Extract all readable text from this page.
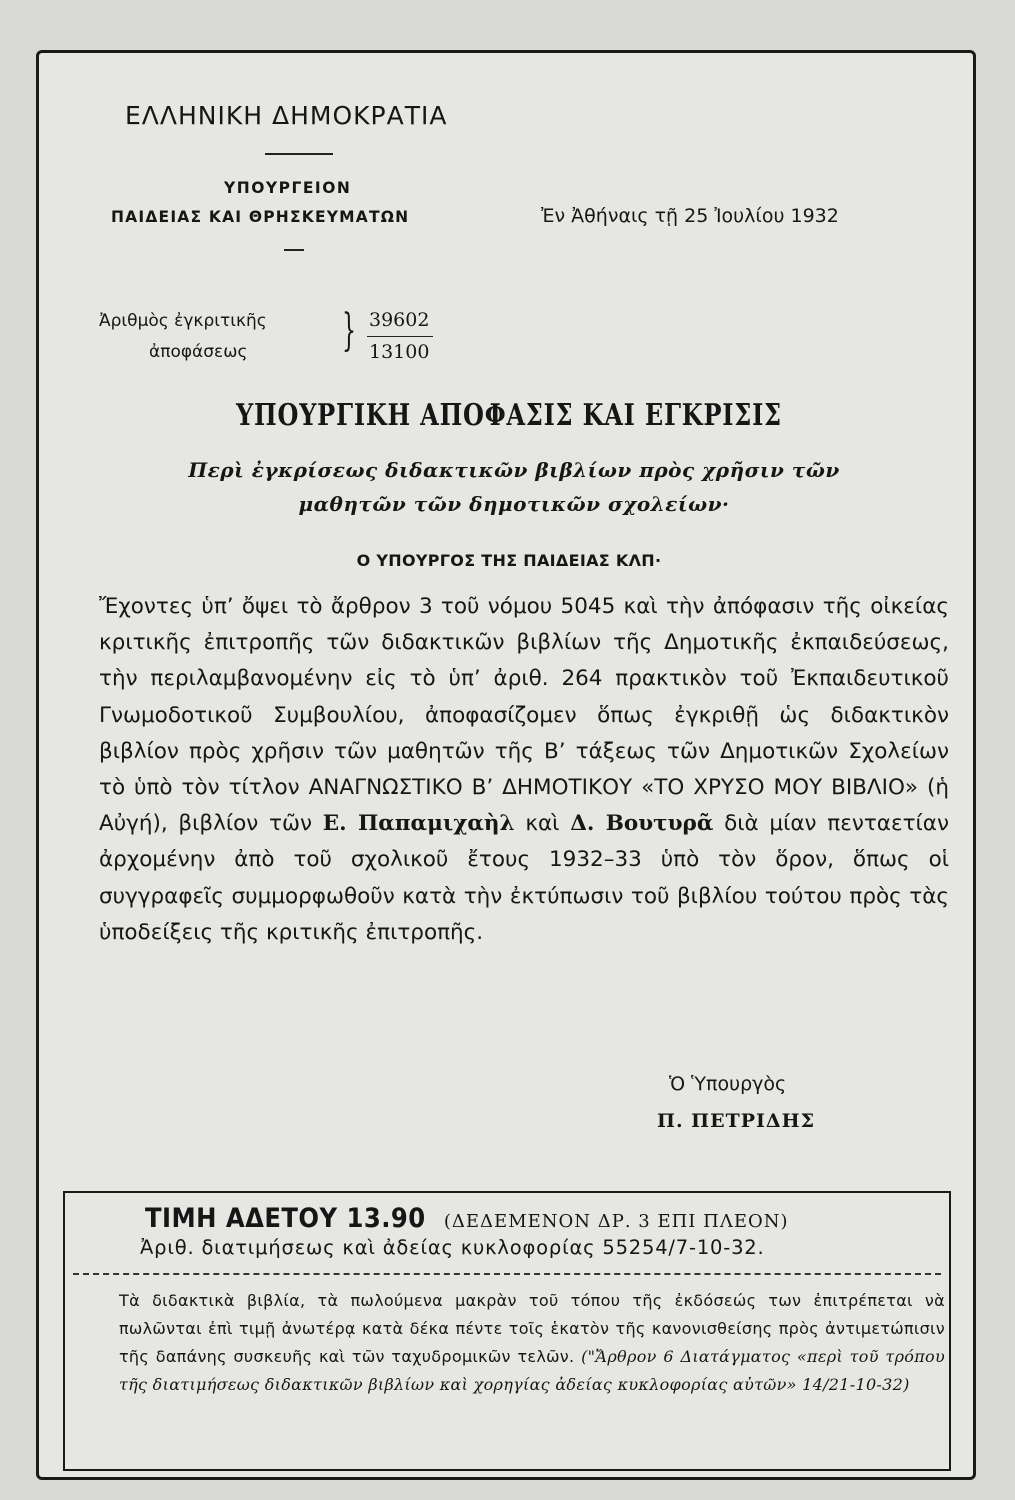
ΕΛΛΗΝΙΚΗ ΔΗΜΟΚΡΑΤΙΑ
ΥΠΟΥΡΓΕΙΟΝ
ΠΑΙΔΕΙΑΣ ΚΑΙ ΘΡΗΣΚΕΥΜΑΤΩΝ	Ἐν Ἀθήναις τῇ 25 Ἰουλίου 1932
Ἀριθμὸς ἐγκριτικῆς
ἀποφάσεως } 39602
13100
ΥΠΟΥΡΓΙΚΗ ΑΠΟΦΑΣΙΣ ΚΑΙ ΕΓΚΡΙΣΙΣ
Περὶ ἐγκρίσεως διδακτικῶν βιβλίων πρὸς χρῆσιν τῶν μαθητῶν τῶν δημοτικῶν σχολείων·
Ο ΥΠΟΥΡΓΟΣ ΤΗΣ ΠΑΙΔΕΙΑΣ ΚΛΠ·
Ἔχοντες ὑπ’ ὄψει τὸ ἄρθρον 3 τοῦ νόμου 5045 καὶ τὴν ἀπόφασιν τῆς οἰκείας κριτικῆς ἐπιτροπῆς τῶν διδακτικῶν βιβλίων τῆς Δημοτικῆς ἐκπαιδεύσεως, τὴν περιλαμβανομένην εἰς τὸ ὑπ’ ἀριθ. 264 πρακτικὸν τοῦ Ἐκπαιδευτικοῦ Γνωμοδοτικοῦ Συμβουλίου, ἀποφασίζομεν ὅπως ἐγκριθῇ ὡς διδακτικὸν βιβλίον πρὸς χρῆσιν τῶν μαθητῶν τῆς Β’ τάξεως τῶν Δημοτικῶν Σχολείων τὸ ὑπὸ τὸν τίτλον ΑΝΑΓΝΩΣΤΙΚΟ Β’ ΔΗΜΟΤΙΚΟΥ «ΤΟ ΧΡΥΣΟ ΜΟΥ ΒΙΒΛΙΟ» (ἡ Αὐγή), βιβλίον τῶν Ε. Παπαμιχαὴλ καὶ Δ. Βουτυρᾶ διὰ μίαν πενταετίαν ἀρχομένην ἀπὸ τοῦ σχολικοῦ ἔτους 1932–33 ὑπὸ τὸν ὅρον, ὅπως οἱ συγγραφεῖς συμμορφωθοῦν κατὰ τὴν ἐκτύπωσιν τοῦ βιβλίου τούτου πρὸς τὰς ὑποδείξεις τῆς κριτικῆς ἐπιτροπῆς.
Ὁ Ὑπουργὸς
Π. ΠΕΤΡΙΔΗΣ
ΤΙΜΗ ΑΔΕΤΟΥ 13.90 (ΔΕΔΕΜΕΝΟΝ ΔΡ. 3 ΕΠΙ ΠΛΕΟΝ)
Ἀριθ. διατιμήσεως καὶ ἀδείας κυκλοφορίας 55254/7-10-32.
Τὰ διδακτικὰ βιβλία, τὰ πωλούμενα μακρὰν τοῦ τόπου τῆς ἐκδόσεώς των ἐπιτρέπεται νὰ πωλῶνται ἐπὶ τιμῇ ἀνωτέρᾳ κατὰ δέκα πέντε τοῖς ἑκατὸν τῆς κανονισθείσης πρὸς ἀντιμετώπισιν τῆς δαπάνης συσκευῆς καὶ τῶν ταχυδρομικῶν τελῶν. ("Ἄρθρον 6 Διατάγματος «περὶ τοῦ τρόπου τῆς διατιμήσεως διδακτικῶν βιβλίων καὶ χορηγίας ἀδείας κυκλοφορίας αὐτῶν» 14/21-10-32)
